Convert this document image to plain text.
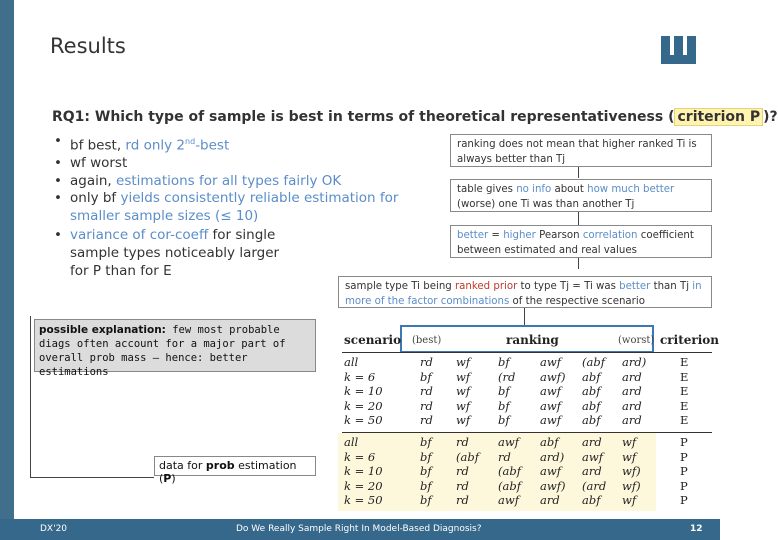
Results
RQ1: Which type of sample is best in terms of theoretical representativeness ( criterion P )?
• bf best, rd only 2nd-best
• wf worst
• again, estimations for all types fairly OK
• only bf yields consistently reliable estimation for smaller sample sizes (≤ 10)
• variance of cor-coeff for single sample types noticeably larger for P than for E
ranking does not mean that higher ranked Ti is always better than Tj
table gives no info about how much better (worse) one Ti was than another Tj
better = higher Pearson correlation coefficient between estimated and real values
sample type Ti being ranked prior to type Tj = Ti was better than Tj in more of the factor combinations of the respective scenario
possible explanation: few most probable diags often account for a major part of overall prob mass – hence: better estimations
data for prob estimation (P)
scenario (best)	ranking	(worst) criterion
all	rd wf bf	awf (abf ard)	E
k = 6	bf wf (rd awf) abf ard	E
k = 10	rd wf bf	awf abf ard	E
k = 20	rd wf bf	awf abf ard	E
k = 50	rd wf bf	awf abf ard	E
all	bf rd	awf abf ard wf	P
k = 6	bf (abf rd	ard) awf wf	P
k = 10	bf rd	(abf awf ard wf)	P
k = 20	bf rd	(abf awf) (ard wf)	P
k = 50	bf rd	awf ard abf wf	P
DX'20	Do We Really Sample Right In Model-Based Diagnosis?	12
